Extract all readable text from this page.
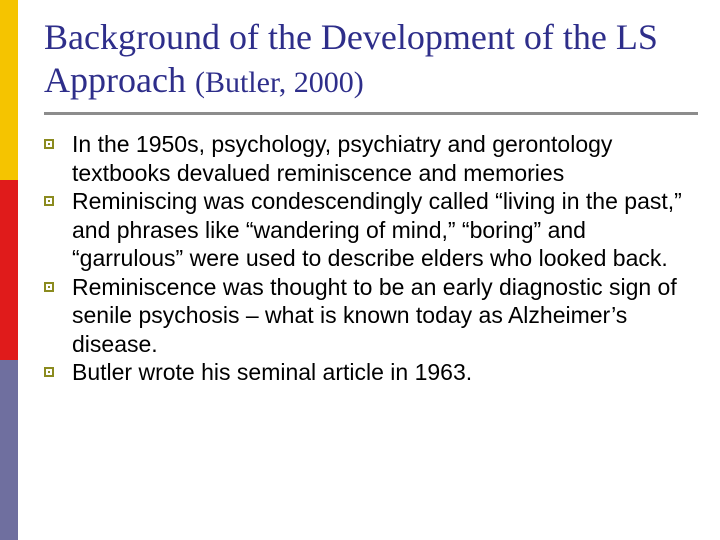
Background of the Development of the LS Approach (Butler, 2000)
In the 1950s, psychology, psychiatry and gerontology textbooks devalued reminiscence and memories
Reminiscing was condescendingly called “living in the past,” and phrases like “wandering of mind,” “boring” and “garrulous” were used to describe elders who looked back.
Reminiscence was thought to be an early diagnostic sign of senile psychosis – what is known today as Alzheimer’s disease.
Butler wrote his seminal article in 1963.
